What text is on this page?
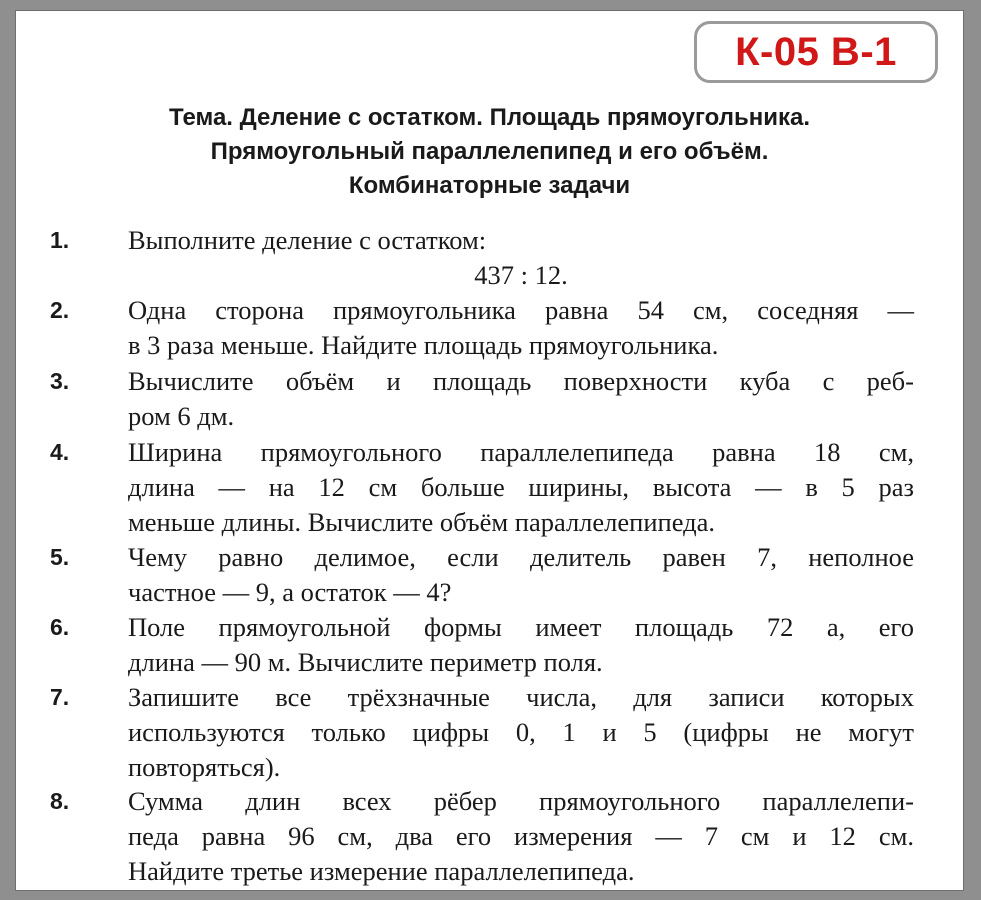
К-05 В-1
Тема. Деление с остатком. Площадь прямоугольника.
Прямоугольный параллелепипед и его объём.
Комбинаторные задачи
1. Выполните деление с остатком:
437 : 12.
2. Одна сторона прямоугольника равна 54 см, соседняя —
в 3 раза меньше. Найдите площадь прямоугольника.
3. Вычислите объём и площадь поверхности куба с реб-
ром 6 дм.
4. Ширина прямоугольного параллелепипеда равна 18 см,
длина — на 12 см больше ширины, высота — в 5 раз
меньше длины. Вычислите объём параллелепипеда.
5. Чему равно делимое, если делитель равен 7, неполное
частное — 9, а остаток — 4?
6. Поле прямоугольной формы имеет площадь 72 а, его
длина — 90 м. Вычислите периметр поля.
7. Запишите все трёхзначные числа, для записи которых
используются только цифры 0, 1 и 5 (цифры не могут
повторяться).
8. Сумма длин всех рёбер прямоугольного параллелепи-
педа равна 96 см, два его измерения — 7 см и 12 см.
Найдите третье измерение параллелепипеда.
